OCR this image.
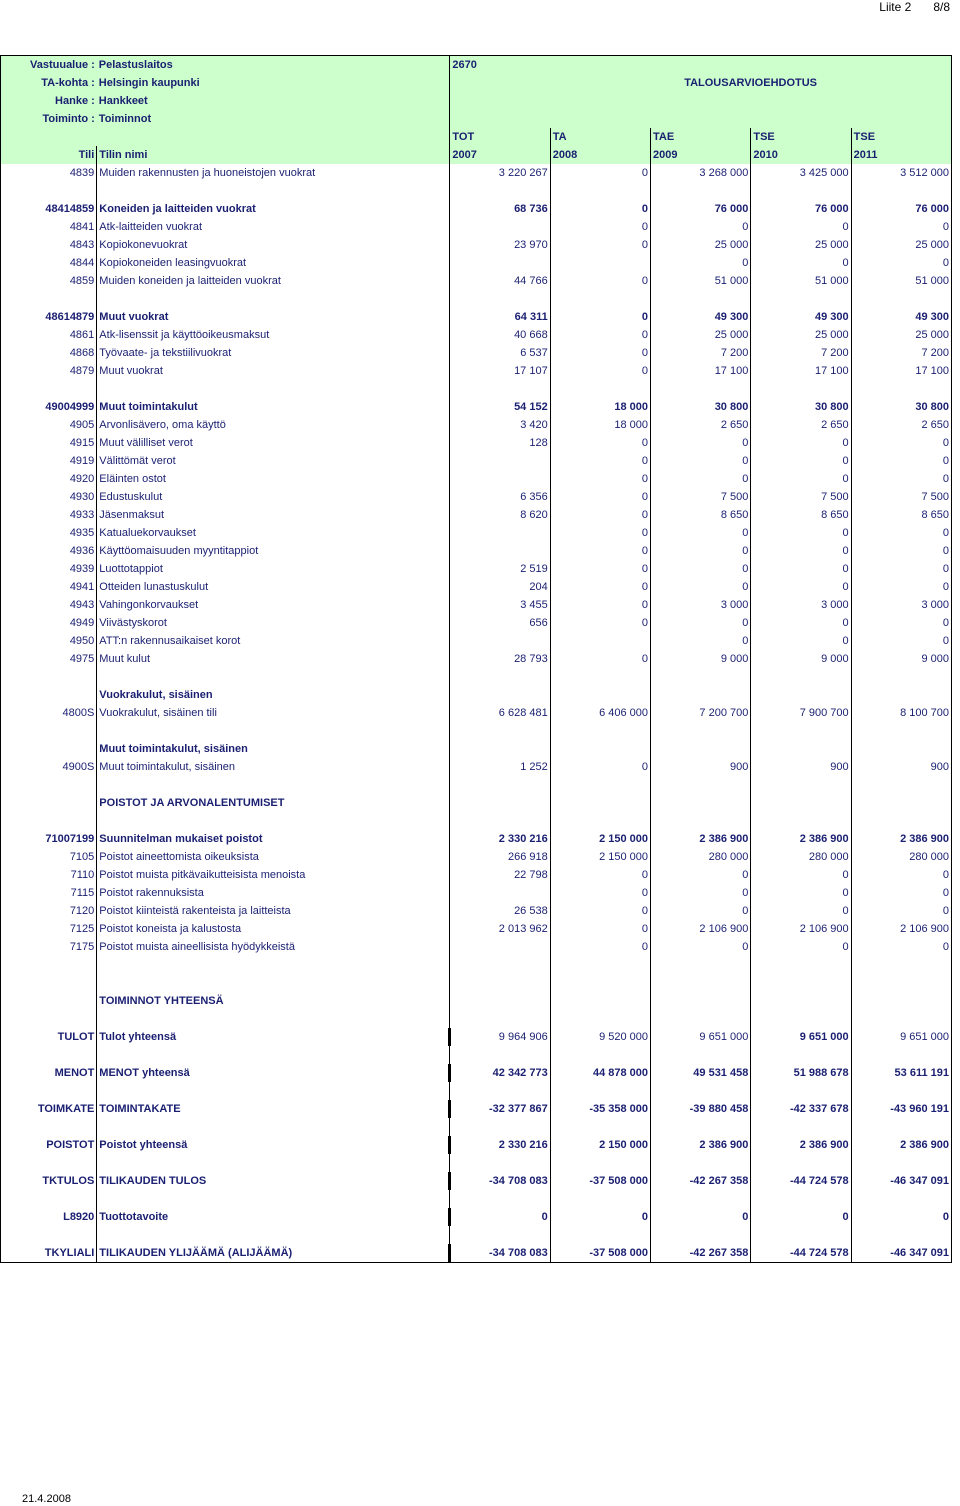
Liite 2 8/8
Vastuualue :	Pelastuslaitos	2670				
TA-kohta :	Helsingin kaupunki		TALOUSARVIOEHDOTUS			
Hanke :	Hankkeet					
Toiminto :	Toiminnot					
		TOT	TA	TAE	TSE	TSE
Tili	Tilin nimi	2007	2008	2009	2010	2011
4839	Muiden rakennusten ja huoneistojen vuokrat	3 220 267	0	3 268 000	3 425 000	3 512 000

48414859	Koneiden ja laitteiden vuokrat	68 736	0	76 000	76 000	76 000
4841	Atk-laitteiden vuokrat		0	0	0	0
4843	Kopiokonevuokrat	23 970	0	25 000	25 000	25 000
4844	Kopiokoneiden leasingvuokrat			0	0	0
4859	Muiden koneiden ja laitteiden vuokrat	44 766	0	51 000	51 000	51 000

48614879	Muut vuokrat	64 311	0	49 300	49 300	49 300
4861	Atk-lisenssit ja käyttöoikeusmaksut	40 668	0	25 000	25 000	25 000
4868	Työvaate- ja tekstiilivuokrat	6 537	0	7 200	7 200	7 200
4879	Muut vuokrat	17 107	0	17 100	17 100	17 100

49004999	Muut toimintakulut	54 152	18 000	30 800	30 800	30 800
4905	Arvonlisävero, oma käyttö	3 420	18 000	2 650	2 650	2 650
4915	Muut välilliset verot	128	0	0	0	0
4919	Välittömät verot		0	0	0	0
4920	Eläinten ostot		0	0	0	0
4930	Edustuskulut	6 356	0	7 500	7 500	7 500
4933	Jäsenmaksut	8 620	0	8 650	8 650	8 650
4935	Katualuekorvaukset		0	0	0	0
4936	Käyttöomaisuuden myyntitappiot		0	0	0	0
4939	Luottotappiot	2 519	0	0	0	0
4941	Otteiden lunastuskulut	204	0	0	0	0
4943	Vahingonkorvaukset	3 455	0	3 000	3 000	3 000
4949	Viivästyskorot	656	0	0	0	0
4950	ATT:n rakennusaikaiset korot			0	0	0
4975	Muut kulut	28 793	0	9 000	9 000	9 000

	Vuokrakulut, sisäinen					
4800S	Vuokrakulut, sisäinen tili	6 628 481	6 406 000	7 200 700	7 900 700	8 100 700

	Muut toimintakulut, sisäinen					
4900S	Muut toimintakulut, sisäinen	1 252	0	900	900	900

	POISTOT JA ARVONALENTUMISET					

71007199	Suunnitelman mukaiset poistot	2 330 216	2 150 000	2 386 900	2 386 900	2 386 900
7105	Poistot aineettomista oikeuksista	266 918	2 150 000	280 000	280 000	280 000
7110	Poistot muista pitkävaikutteisista menoista	22 798	0	0	0	0
7115	Poistot rakennuksista		0	0	0	0
7120	Poistot kiinteistä rakenteista ja laitteista	26 538	0	0	0	0
7125	Poistot koneista ja kalustosta	2 013 962	0	2 106 900	2 106 900	2 106 900
7175	Poistot muista aineellisista hyödykkeistä		0	0	0	0

	TOIMINNOT YHTEENSÄ					

TULOT	Tulot yhteensä	9 964 906	9 520 000	9 651 000	9 651 000	9 651 000

MENOT	MENOT yhteensä	42 342 773	44 878 000	49 531 458	51 988 678	53 611 191

TOIMKATE	TOIMINTAKATE	-32 377 867	-35 358 000	-39 880 458	-42 337 678	-43 960 191

POISTOT	Poistot yhteensä	2 330 216	2 150 000	2 386 900	2 386 900	2 386 900

TKTULOS	TILIKAUDEN TULOS	-34 708 083	-37 508 000	-42 267 358	-44 724 578	-46 347 091

L8920	Tuottotavoite	0	0	0	0	0

TKYLIALI	TILIKAUDEN YLIJÄÄMÄ (ALIJÄÄMÄ)	-34 708 083	-37 508 000	-42 267 358	-44 724 578	-46 347 091
21.4.2008
